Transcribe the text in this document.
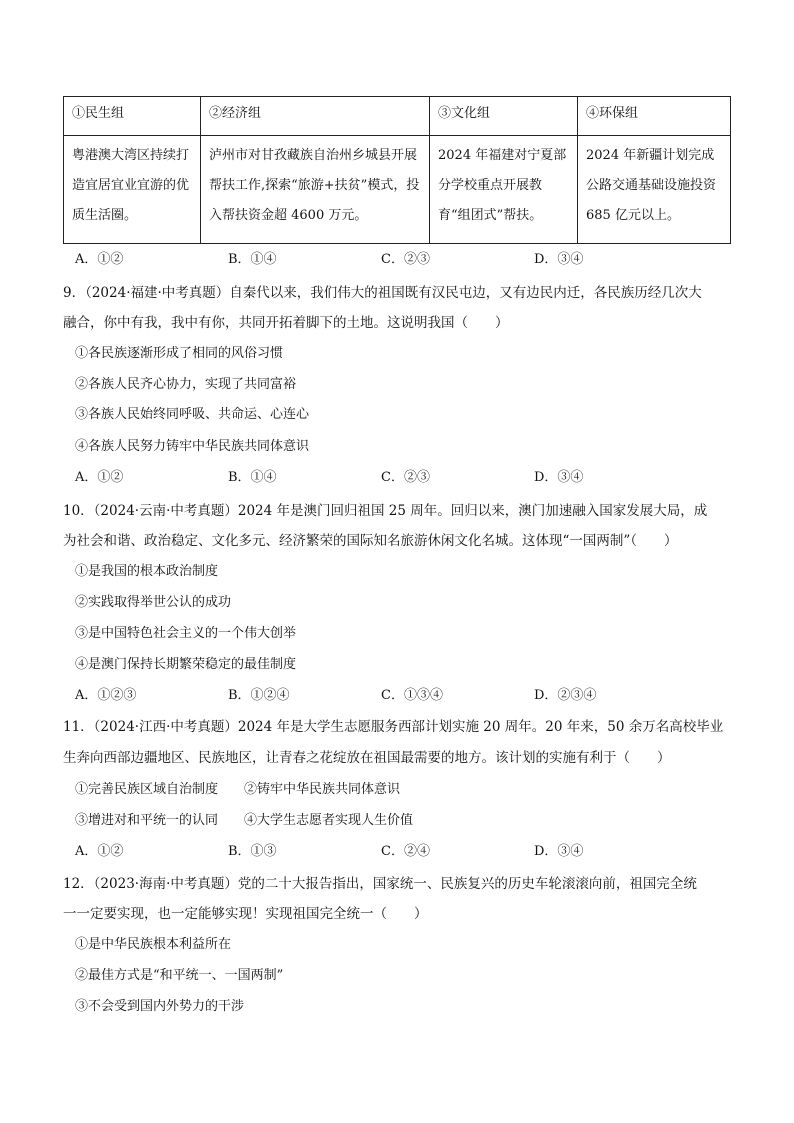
①民生组	②经济组	③文化组	④环保组
粤港澳大湾区持续打造宜居宜业宜游的优质生活圈。	泸州市对甘孜藏族自治州乡城县开展帮扶工作,探索“旅游+扶贫”模式，投入帮扶资金超 4600 万元。	2024 年福建对宁夏部分学校重点开展教育“组团式”帮扶。	2024 年新疆计划完成公路交通基础设施投资 685 亿元以上。
A．①②	B．①④	C．②③	D．③④
9．（2024·福建·中考真题）自秦代以来，我们伟大的祖国既有汉民屯边，又有边民内迁，各民族历经几次大
融合，你中有我，我中有你，共同开拓着脚下的土地。这说明我国（　　）
①各民族逐渐形成了相同的风俗习惯
②各族人民齐心协力，实现了共同富裕
③各族人民始终同呼吸、共命运、心连心
④各族人民努力铸牢中华民族共同体意识
A．①②	B．①④	C．②③	D．③④
10．（2024·云南·中考真题）2024 年是澳门回归祖国 25 周年。回归以来，澳门加速融入国家发展大局，成
为社会和谐、政治稳定、文化多元、经济繁荣的国际知名旅游休闲文化名城。这体现“一国两制”（　　）
①是我国的根本政治制度
②实践取得举世公认的成功
③是中国特色社会主义的一个伟大创举
④是澳门保持长期繁荣稳定的最佳制度
A．①②③	B．①②④	C．①③④	D．②③④
11．（2024·江西·中考真题）2024 年是大学生志愿服务西部计划实施 20 周年。20 年来，50 余万名高校毕业
生奔向西部边疆地区、民族地区，让青春之花绽放在祖国最需要的地方。该计划的实施有利于（　　）
①完善民族区域自治制度　　②铸牢中华民族共同体意识
③增进对和平统一的认同　　④大学生志愿者实现人生价值
A．①②	B．①③	C．②④	D．③④
12．（2023·海南·中考真题）党的二十大报告指出，国家统一、民族复兴的历史车轮滚滚向前，祖国完全统
一一定要实现，也一定能够实现！实现祖国完全统一（　　）
①是中华民族根本利益所在
②最佳方式是“和平统一、一国两制”
③不会受到国内外势力的干涉
